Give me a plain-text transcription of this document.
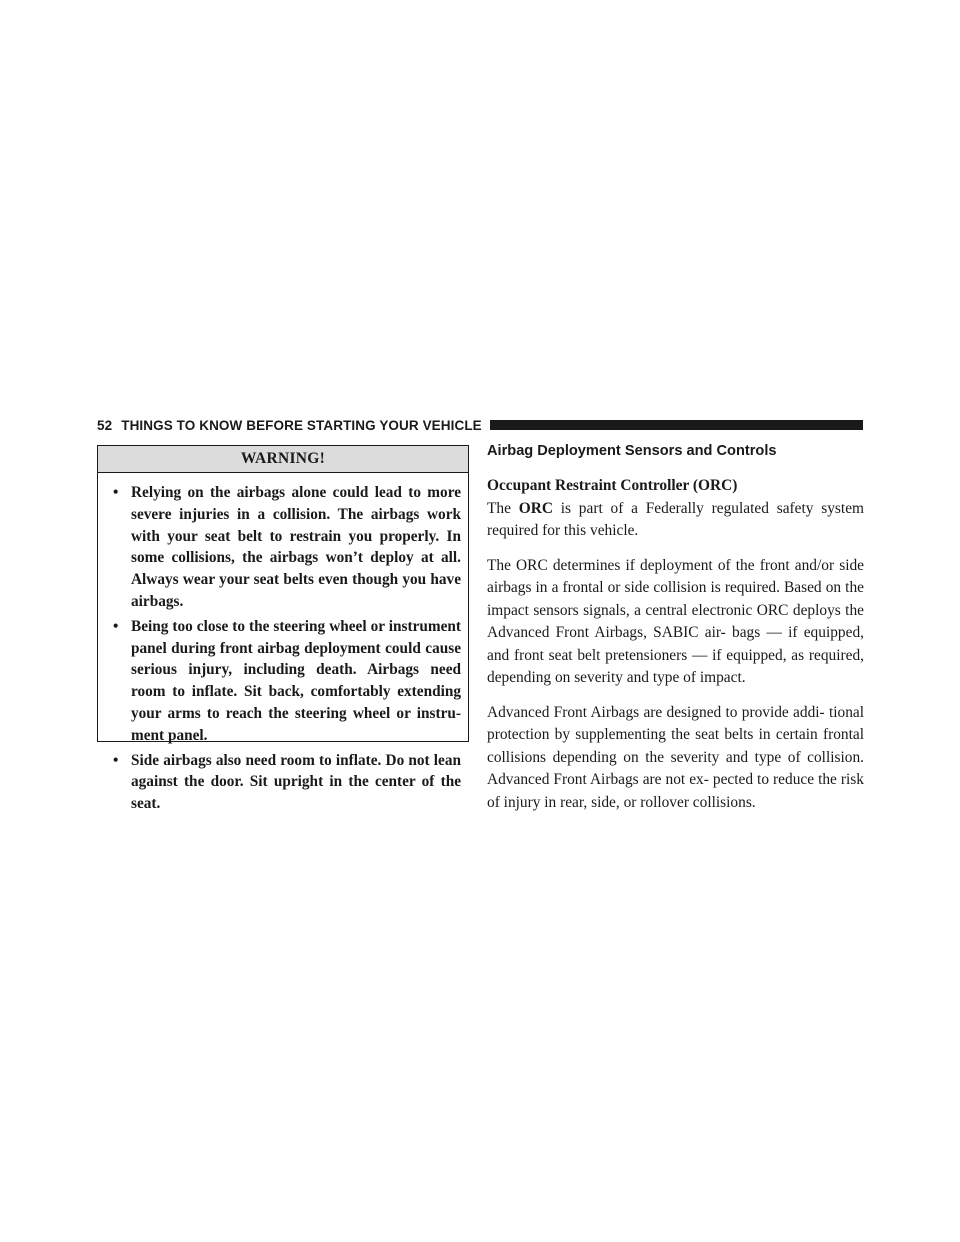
52 THINGS TO KNOW BEFORE STARTING YOUR VEHICLE
WARNING!
• Relying on the airbags alone could lead to more severe injuries in a collision. The airbags work with your seat belt to restrain you properly. In some collisions, the airbags won’t deploy at all. Always wear your seat belts even though you have airbags.
• Being too close to the steering wheel or instrument panel during front airbag deployment could cause serious injury, including death. Airbags need room to inflate. Sit back, comfortably extending your arms to reach the steering wheel or instru- ment panel.
• Side airbags also need room to inflate. Do not lean against the door. Sit upright in the center of the seat.
Airbag Deployment Sensors and Controls
Occupant Restraint Controller (ORC)

The ORC is part of a Federally regulated safety system required for this vehicle.

The ORC determines if deployment of the front and/or side airbags in a frontal or side collision is required. Based on the impact sensors signals, a central electronic ORC deploys the Advanced Front Airbags, SABIC air- bags — if equipped, and front seat belt pretensioners — if equipped, as required, depending on severity and type of impact.

Advanced Front Airbags are designed to provide addi- tional protection by supplementing the seat belts in certain frontal collisions depending on the severity and type of collision. Advanced Front Airbags are not ex- pected to reduce the risk of injury in rear, side, or rollover collisions.
